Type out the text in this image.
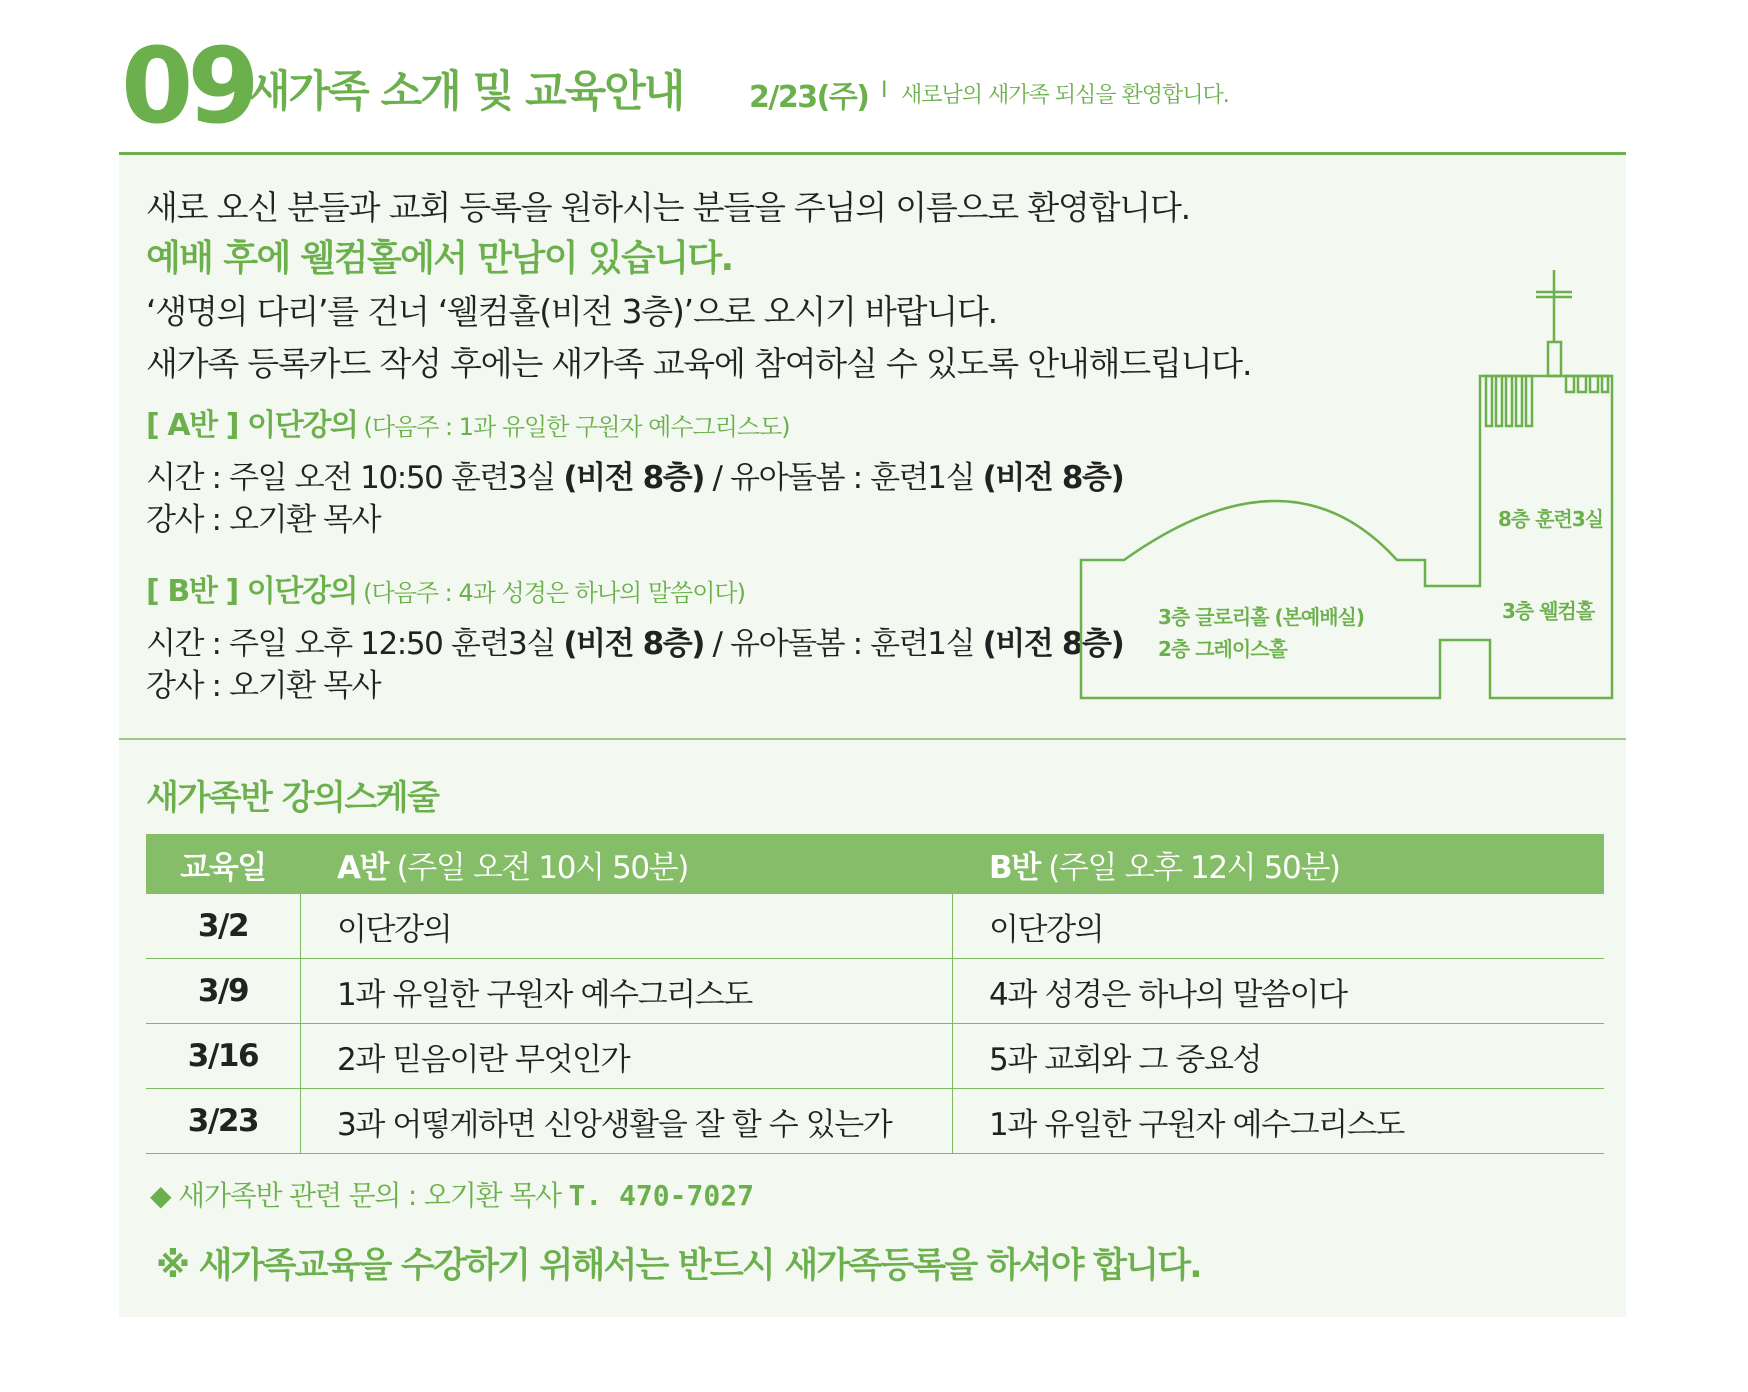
09
새가족 소개 및 교육안내 2/23(주) I 새로남의 새가족 되심을 환영합니다.
새로 오신 분들과 교회 등록을 원하시는 분들을 주님의 이름으로 환영합니다.
예배 후에 웰컴홀에서 만남이 있습니다.
‘생명의 다리’를 건너 ‘웰컴홀(비전 3층)’으로 오시기 바랍니다.
새가족 등록카드 작성 후에는 새가족 교육에 참여하실 수 있도록 안내해드립니다.
[ A반 ] 이단강의 (다음주 : 1과 유일한 구원자 예수그리스도)
시간 : 주일 오전 10:50 훈련3실 (비전 8층) / 유아돌봄 : 훈련1실 (비전 8층)
강사 : 오기환 목사
[ B반 ] 이단강의 (다음주 : 4과 성경은 하나의 말씀이다)
시간 : 주일 오후 12:50 훈련3실 (비전 8층) / 유아돌봄 : 훈련1실 (비전 8층)
강사 : 오기환 목사
8층 훈련3실
3층 웰컴홀
3층 글로리홀 (본예배실)
2층 그레이스홀
새가족반 강의스케줄
교육일	A반 (주일 오전 10시 50분)	B반 (주일 오후 12시 50분)
3/2	이단강의	이단강의
3/9	1과 유일한 구원자 예수그리스도	4과 성경은 하나의 말씀이다
3/16	2과 믿음이란 무엇인가	5과 교회와 그 중요성
3/23	3과 어떻게하면 신앙생활을 잘 할 수 있는가	1과 유일한 구원자 예수그리스도
◆ 새가족반 관련 문의 : 오기환 목사 T. 470-7027
※ 새가족교육을 수강하기 위해서는 반드시 새가족등록을 하셔야 합니다.
